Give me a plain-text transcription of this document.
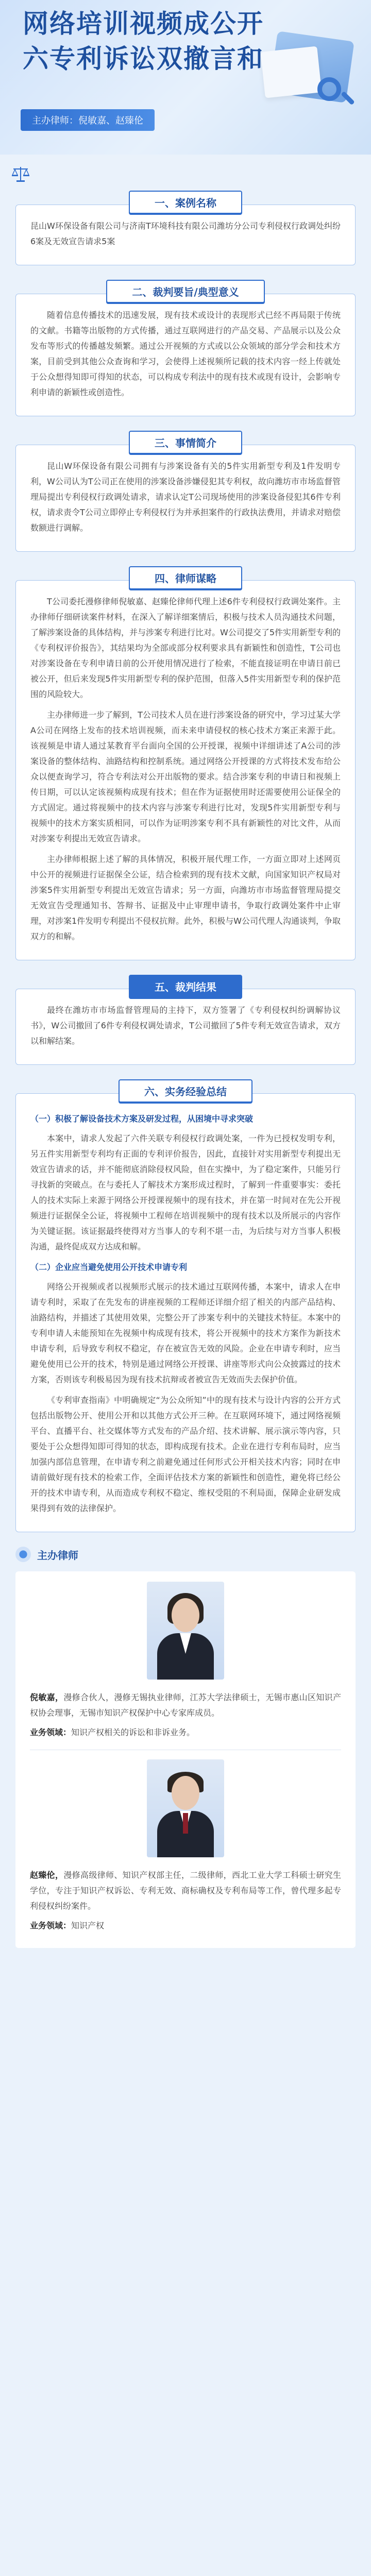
网络培训视频成公开
六专利诉讼双撤言和
主办律师：倪敏嘉、赵臻伦
一、案例名称

昆山W环保设备有限公司与济南T环境科技有限公司潍坊分公司专利侵权行政调处纠纷6案及无效宣告请求5案

二、裁判要旨/典型意义

随着信息传播技术的迅速发展，现有技术或设计的表现形式已经不再局限于传统的文献。书籍等出版物的方式传播，通过互联网进行的产品交易、产品展示以及公众发布等形式的传播越发频繁。通过公开视频的方式或以公众领域的部分学会和技术方案，目前受到其他公众查询和学习，会使得上述视频所记载的技术内容一经上传就处于公众想得知即可得知的状态，可以构成专利法中的现有技术或现有设计，会影响专利申请的新颖性或创造性。

三、事情简介

昆山W环保设备有限公司拥有与涉案设备有关的5件实用新型专利及1件发明专利，W公司认为T公司正在使用的涉案设备涉嫌侵犯其专利权，故向潍坊市市场监督管理局提出专利侵权行政调处请求，请求认定T公司现场使用的涉案设备侵犯其6件专利权，请求责令T公司立即停止专利侵权行为并承担案件的行政执法费用，并请求对赔偿数额进行调解。

四、律师谋略

T公司委托漫修律师倪敏嘉、赵臻伦律师代理上述6件专利侵权行政调处案件。主办律师仔细研读案件材料，在深入了解详细案情后，积极与技术人员沟通技术问题，了解涉案设备的具体结构，并与涉案专利进行比对。W公司提交了5件实用新型专利的《专利权评价报告》，其结果均为全部或部分权利要求具有新颖性和创造性，T公司也对涉案设备在专利申请日前的公开使用情况进行了检索，不能直接证明在申请日前已被公开，但后来发现5件实用新型专利的保护范围，但落入5件实用新型专利的保护范围的风险较大。

主办律师进一步了解到，T公司技术人员在进行涉案设备的研究中，学习过某大学A公司在网络上发布的技术培训视频，而未来申请侵权的核心技术方案正来源于此。该视频是申请人通过某教育平台面向全国的公开授课，视频中详细讲述了A公司的涉案设备的整体结构、油路结构和控制系统。通过网络公开授课的方式将技术发布给公众以便查询学习，符合专利法对公开出版物的要求。结合涉案专利的申请日和视频上传日期，可以认定该视频构成现有技术；但在作为证据使用时还需要使用公证保全的方式固定。通过将视频中的技术内容与涉案专利进行比对，发现5件实用新型专利与视频中的技术方案实质相同，可以作为证明涉案专利不具有新颖性的对比文件，从而对涉案专利提出无效宣告请求。

主办律师根据上述了解的具体情况，积极开展代理工作，一方面立即对上述网页中公开的视频进行证据保全公证，结合检索到的现有技术文献，向国家知识产权局对涉案5件实用新型专利提出无效宣告请求；另一方面，向潍坊市市场监督管理局提交无效宣告受理通知书、答辩书、证据及中止审理申请书，争取行政调处案件中止审理，对涉案1件发明专利提出不侵权抗辩。此外，积极与W公司代理人沟通谈判，争取双方的和解。

五、裁判结果

最终在潍坊市市场监督管理局的主持下，双方签署了《专利侵权纠纷调解协议书》，W公司撤回了6件专利侵权调处请求，T公司撤回了5件专利无效宣告请求，双方以和解结案。

六、实务经验总结
（一）积极了解设备技术方案及研发过程，从困境中寻求突破

本案中，请求人发起了六件关联专利侵权行政调处案，一件为已授权发明专利，另五件实用新型专利均有正面的专利评价报告，因此，直接针对实用新型专利提出无效宣告请求的话，并不能彻底消除侵权风险，但在实操中，为了稳定案件，只能另行寻找新的突破点。在与委托人了解技术方案形成过程时，了解到一件重要事实：委托人的技术实际上来源于网络公开授课视频中的现有技术，并在第一时间对在先公开视频进行证据保全公证，将视频中工程师在培训视频中的现有技术以及所展示的内容作为关键证据。该证据最终使得对方当事人的专利不堪一击，为后续与对方当事人积极沟通，最终促成双方达成和解。

（二）企业应当避免使用公开技术申请专利

网络公开视频或者以视频形式展示的技术通过互联网传播，本案中，请求人在申请专利时，采取了在先发布的讲座视频的工程师还详细介绍了相关的内部产品结构、油路结构，并描述了其使用效果，完整公开了涉案专利中的关键技术特征。本案中的专利申请人未能预知在先视频中构成现有技术，将公开视频中的技术方案作为新技术申请专利，后导致专利权不稳定，存在被宣告无效的风险。企业在申请专利时，应当避免使用已公开的技术，特别是通过网络公开授课、讲座等形式向公众披露过的技术方案，否则该专利极易因为现有技术抗辩或者被宣告无效而失去保护价值。

《专利审查指南》中明确规定“为公众所知”中的现有技术与设计内容的公开方式包括出版物公开、使用公开和以其他方式公开三种。在互联网环境下，通过网络视频平台、直播平台、社交媒体等方式发布的产品介绍、技术讲解、展示演示等内容，只要处于公众想得知即可得知的状态，即构成现有技术。企业在进行专利布局时，应当加强内部信息管理，在申请专利之前避免通过任何形式公开相关技术内容；同时在申请前做好现有技术的检索工作，全面评估技术方案的新颖性和创造性，避免将已经公开的技术申请专利，从而造成专利权不稳定、维权受阻的不利局面，保障企业研发成果得到有效的法律保护。

主办律师

倪敏嘉，漫修合伙人，漫修无锡执业律师，江苏大学法律硕士，无锡市惠山区知识产权协会理事，无锡市知识产权保护中心专家库成员。

业务领域：知识产权相关的诉讼和非诉业务。

赵臻伦，漫修高级律师、知识产权部主任，二级律师，西北工业大学工科硕士研究生学位，专注于知识产权诉讼、专利无效、商标确权及专利布局等工作，曾代理多起专利侵权纠纷案件。

业务领域：知识产权
